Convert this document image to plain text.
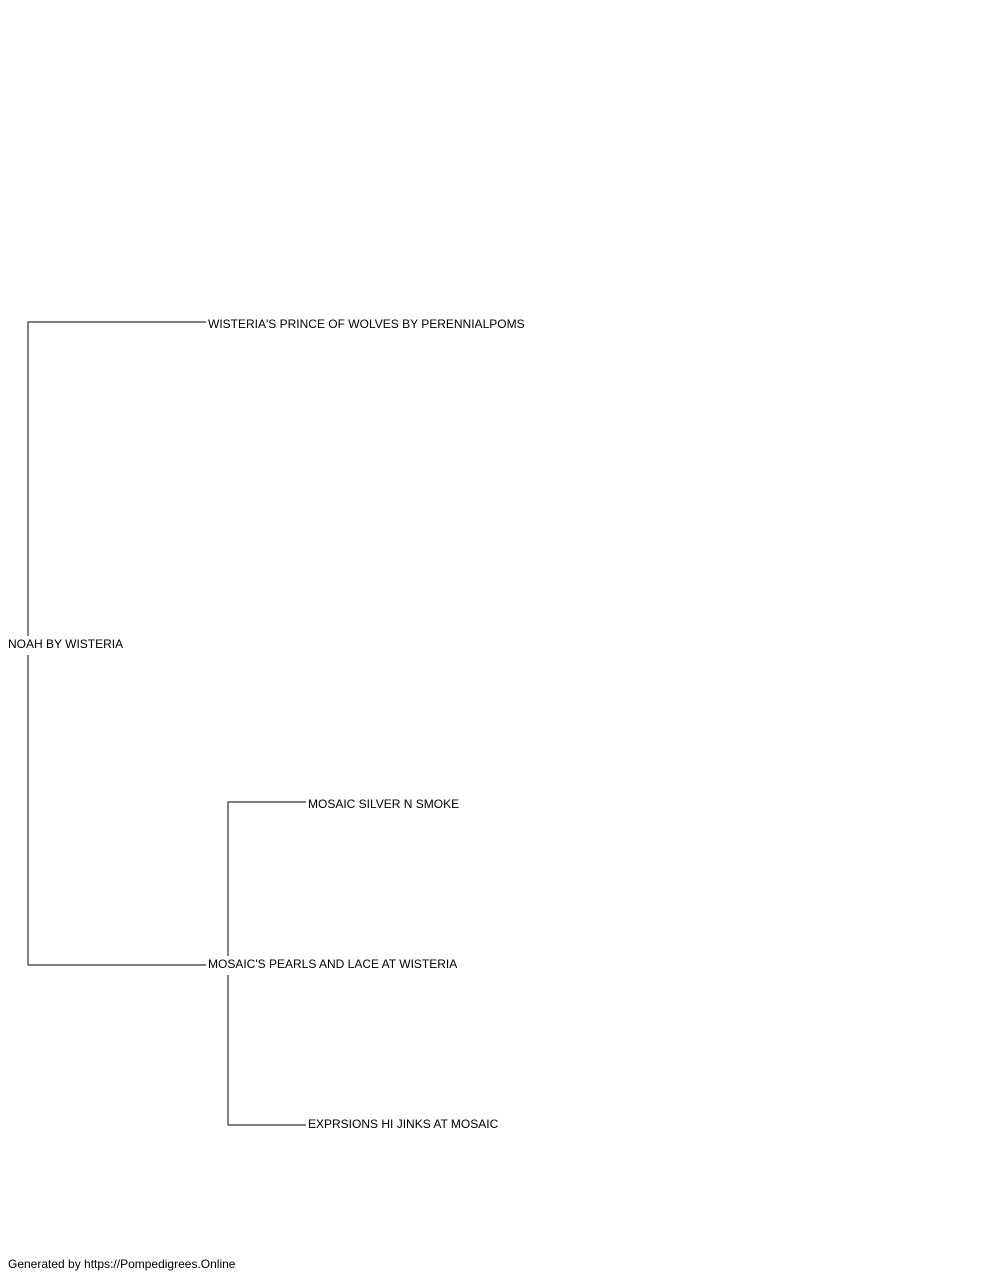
NOAH BY WISTERIA
WISTERIA'S PRINCE OF WOLVES BY PERENNIALPOMS
MOSAIC'S PEARLS AND LACE AT WISTERIA
MOSAIC SILVER N SMOKE
EXPRSIONS HI JINKS AT MOSAIC
Generated by https://Pompedigrees.Online
